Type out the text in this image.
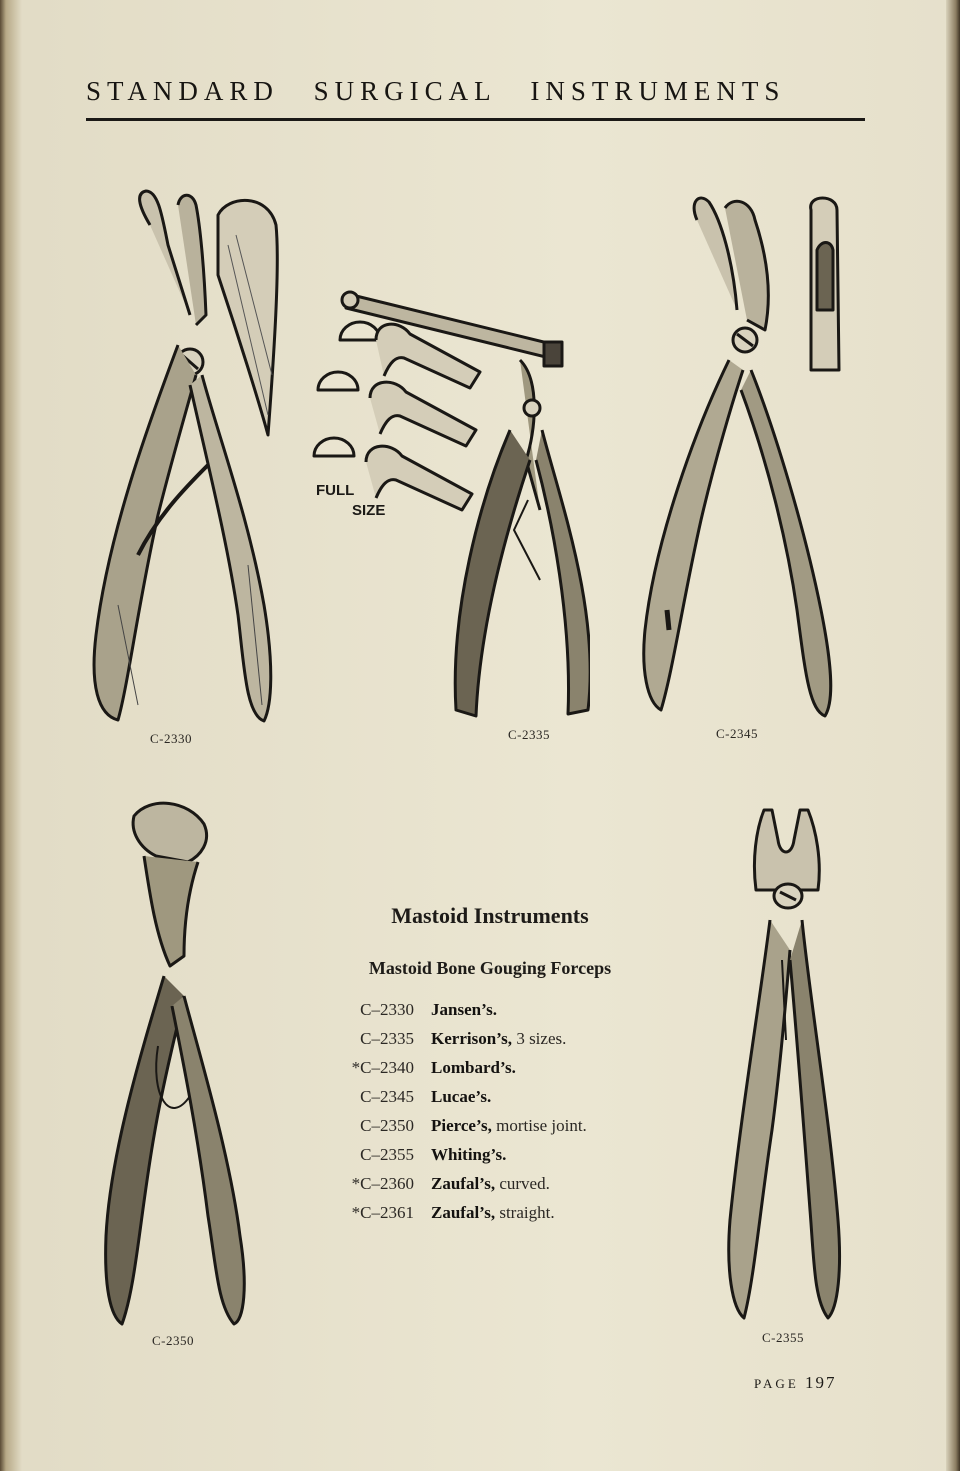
STANDARD SURGICAL INSTRUMENTS
C-2330
FULL
SIZE
C-2335	C-2345
C-2350	C-2355
Mastoid Instruments
Mastoid Bone Gouging Forceps
C–2330 Jansen’s.
C–2335 Kerrison’s, 3 sizes.
*C–2340 Lombard’s.
C–2345 Lucae’s.
C–2350 Pierce’s, mortise joint.
C–2355 Whiting’s.
*C–2360 Zaufal’s, curved.
*C–2361 Zaufal’s, straight.
PAGE 197
